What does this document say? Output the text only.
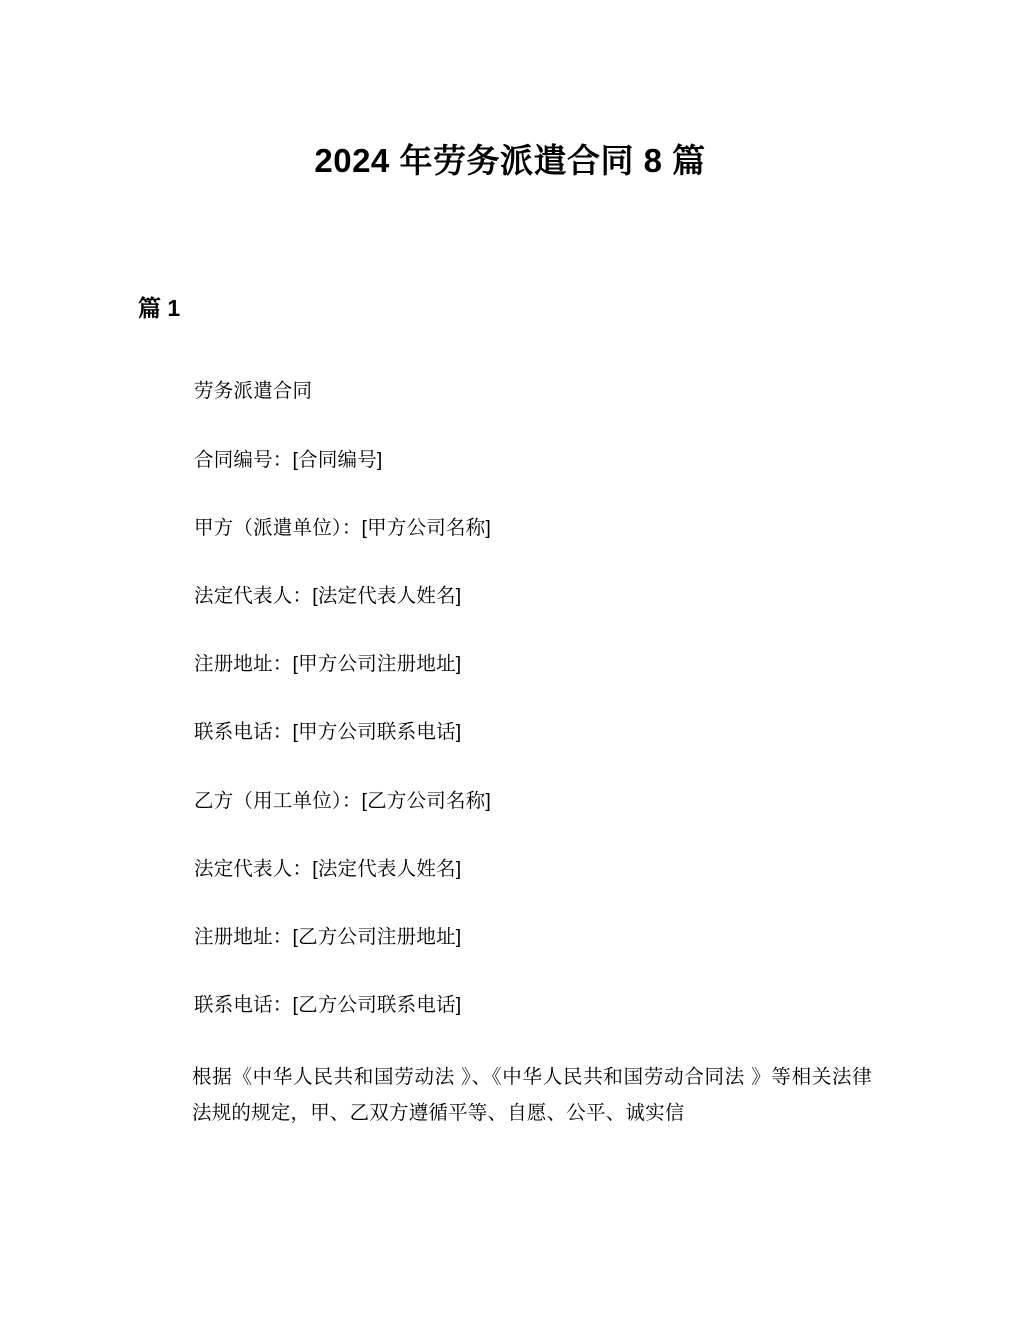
2024 年劳务派遣合同 8 篇
篇 1

劳务派遣合同

合同编号：[合同编号]

甲方（派遣单位）：[甲方公司名称]

法定代表人：[法定代表人姓名]

注册地址：[甲方公司注册地址]

联系电话：[甲方公司联系电话]

乙方（用工单位）：[乙方公司名称]

法定代表人：[法定代表人姓名]

注册地址：[乙方公司注册地址]

联系电话：[乙方公司联系电话]

根据《中华人民共和国劳动法 》、《中华人民共和国劳动合同法 》等相关法律法规的规定，甲、乙双方遵循平等、自愿、公平、诚实信
